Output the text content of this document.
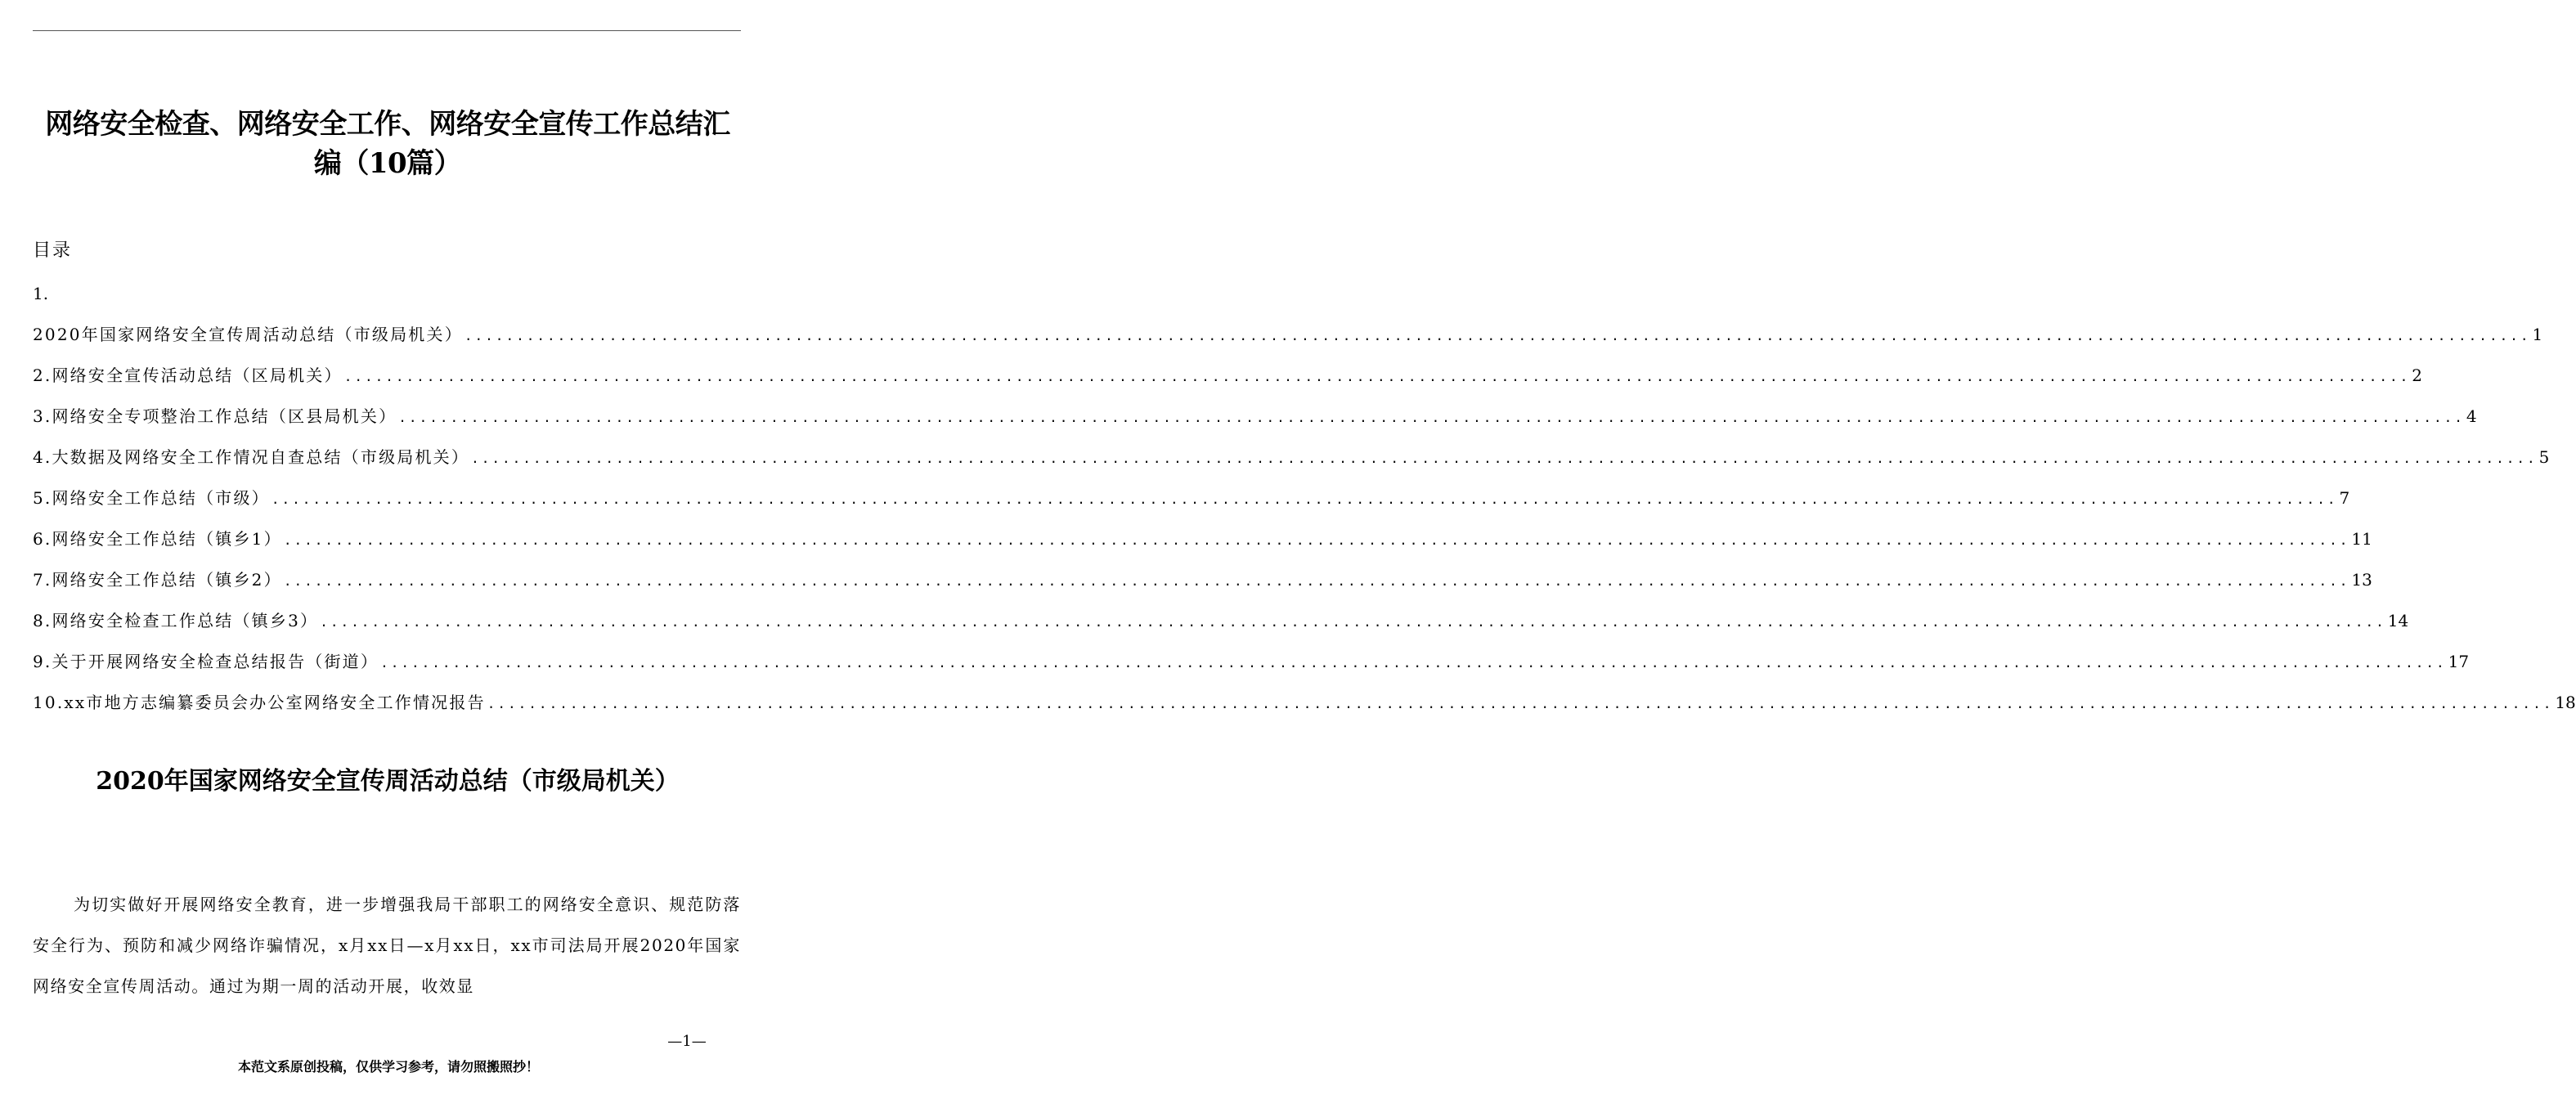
网络安全检查、网络安全工作、网络安全宣传工作总结汇编（10篇）
目录
1.
2020年国家网络安全宣传周活动总结（市级局机关） ........................................................................................................................................................................................................ 1
2.网络安全宣传活动总结（区局机关） ........................................................................................................................................................................................................ 2
3.网络安全专项整治工作总结（区县局机关） ........................................................................................................................................................................................................ 4
4.大数据及网络安全工作情况自查总结（市级局机关） ........................................................................................................................................................................................................ 5
5.网络安全工作总结（市级） ........................................................................................................................................................................................................ 7
6.网络安全工作总结（镇乡1） ........................................................................................................................................................................................................ 11
7.网络安全工作总结（镇乡2） ........................................................................................................................................................................................................ 13
8.网络安全检查工作总结（镇乡3） ........................................................................................................................................................................................................ 14
9.关于开展网络安全检查总结报告（街道） ........................................................................................................................................................................................................ 17
10.xx市地方志编纂委员会办公室网络安全工作情况报告 ........................................................................................................................................................................................................ 18
2020年国家网络安全宣传周活动总结（市级局机关）

为切实做好开展网络安全教育，进一步增强我局干部职工的网络安全意识、规范防落安全行为、预防和减少网络诈骗情况，x月xx日—x月xx日，xx市司法局开展2020年国家网络安全宣传周活动。通过为期一周的活动开展，收效显

—1—
本范文系原创投稿，仅供学习参考，请勿照搬照抄！
